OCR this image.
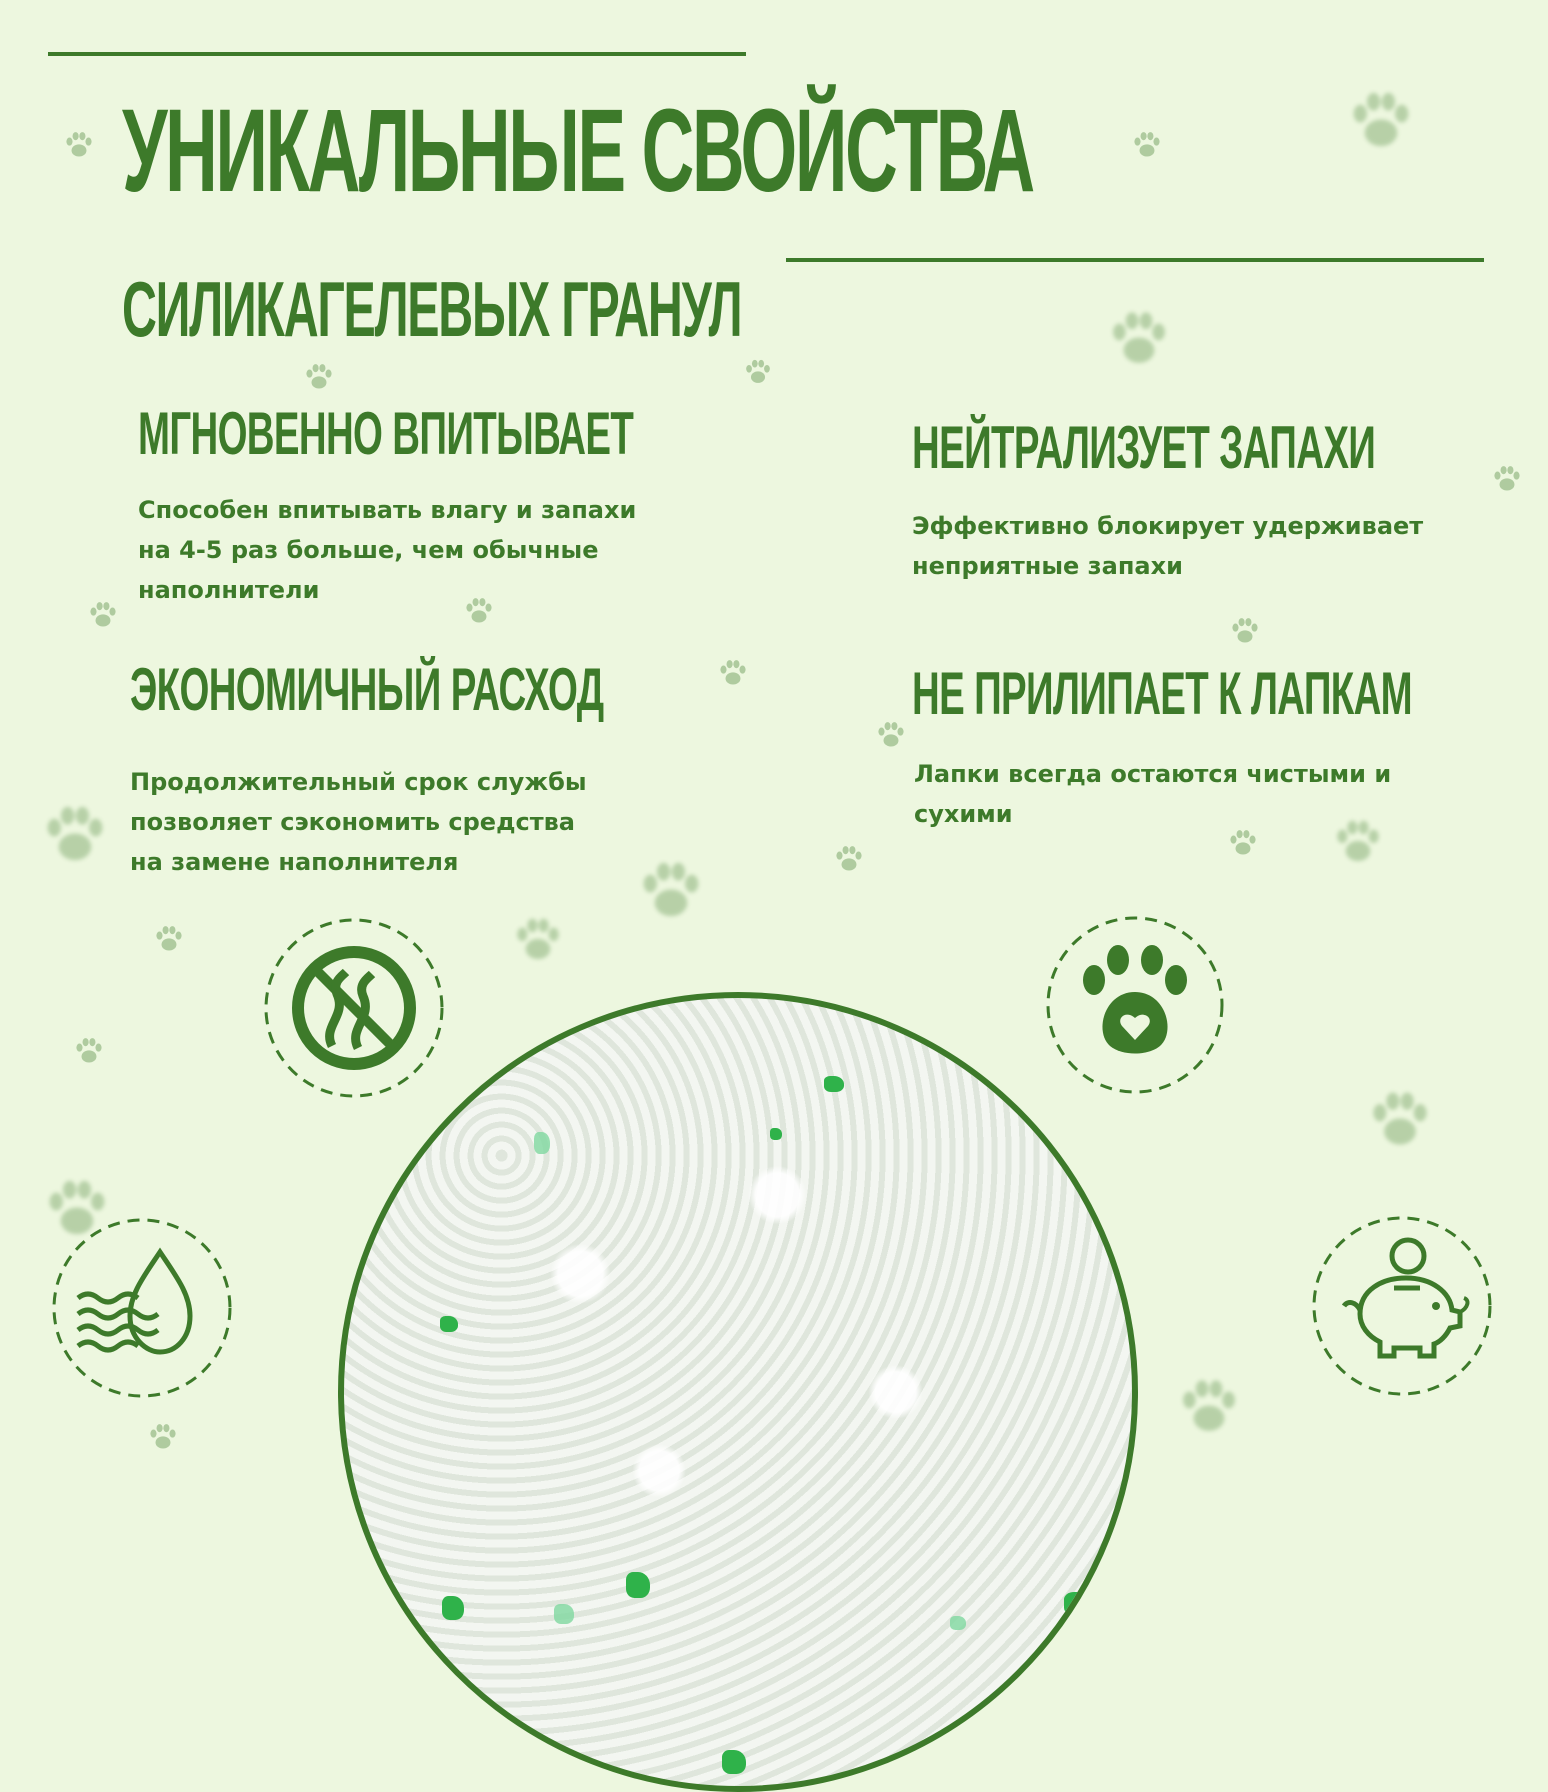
УНИКАЛЬНЫЕ СВОЙСТВА
СИЛИКАГЕЛЕВЫХ ГРАНУЛ
МГНОВЕННО ВПИТЫВАЕТ
Способен впитывать влагу и запахи
на 4-5 раз больше, чем обычные
наполнители
НЕЙТРАЛИЗУЕТ ЗАПАХИ
Эффективно блокирует удерживает
неприятные запахи
ЭКОНОМИЧНЫЙ РАСХОД
Продолжительный срок службы
позволяет сэкономить средства
на замене наполнителя
НЕ ПРИЛИПАЕТ К ЛАПКАМ
Лапки всегда остаются чистыми и
сухими
